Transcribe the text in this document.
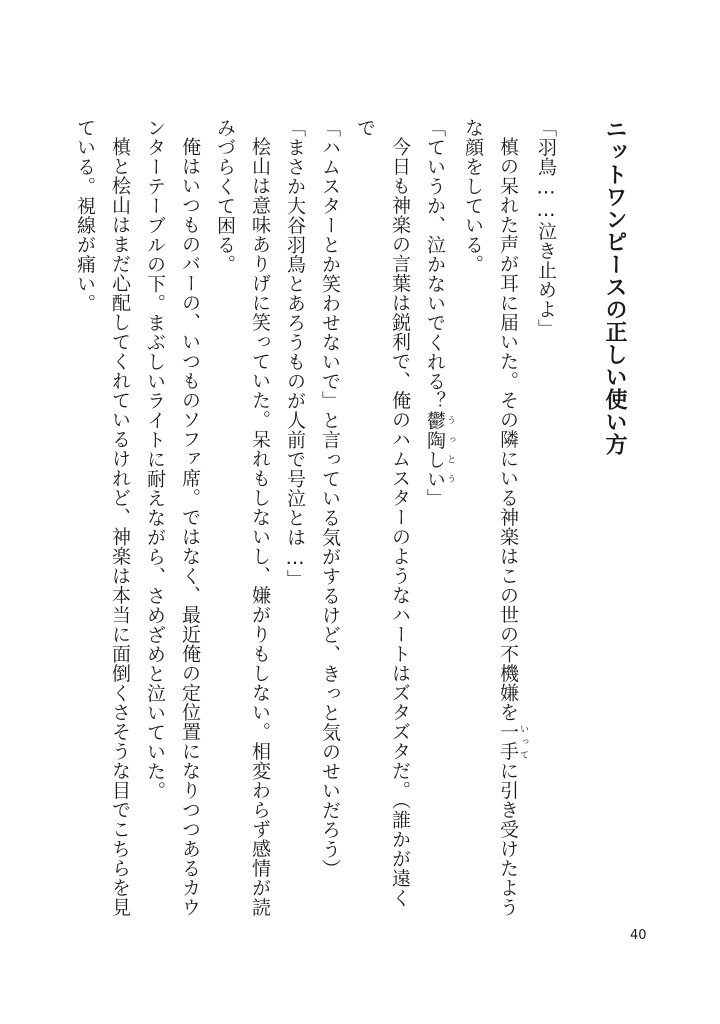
ニットワンピースの正しい使い方

「羽鳥……泣き止めよ」

槙の呆れた声が耳に届いた。その隣にいる神楽はこの世の不機嫌を一手 いってに引き受けたような顔をしている。

「ていうか、泣かないでくれる？鬱陶しい うっとう」

今日も神楽の言葉は鋭利で、俺のハムスターのようなハートはズタズタだ。（誰かが遠くで

「ハムスターとか笑わせないで」と言っている気がするけど、きっと気のせいだろう）

「まさか大谷羽鳥とあろうものが人前で号泣とは…」

桧山は意味ありげに笑っていた。呆れもしないし、嫌がりもしない。相変わらず感情が読みづらくて困る。

俺はいつものバーの、いつものソファ席。ではなく、最近俺の定位置になりつつあるカウンターテーブルの下。まぶしいライトに耐えながら、さめざめと泣いていた。

槙と桧山はまだ心配してくれているけれど、神楽は本当に面倒くさそうな目でこちらを見ている。視線が痛い。

40
